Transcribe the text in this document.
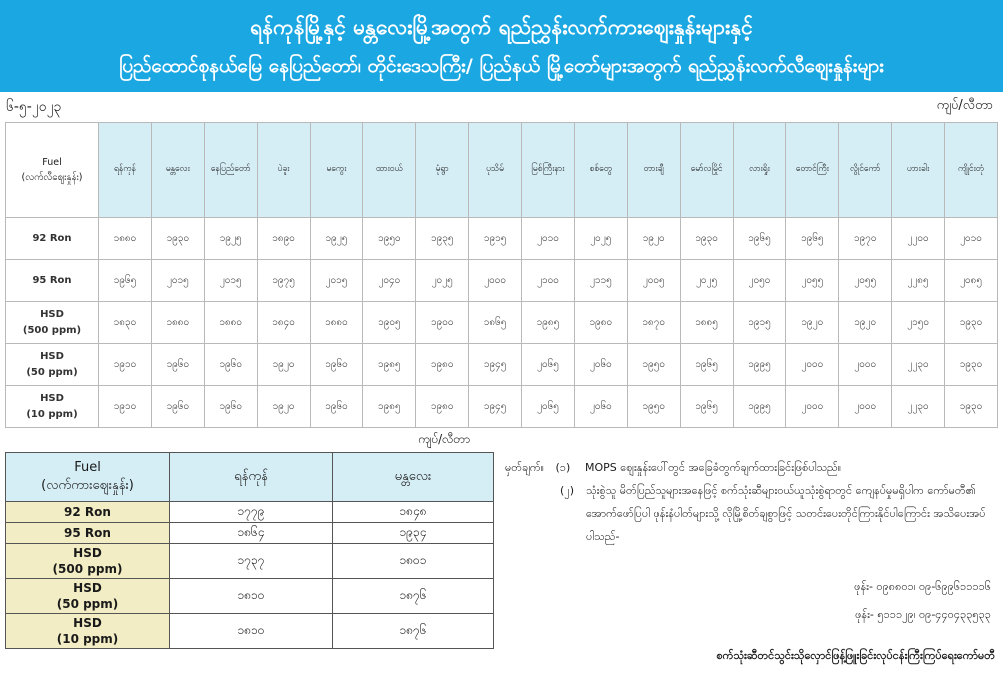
ရန်ကုန်မြို့နှင့် မန္တလေးမြို့အတွက် ရည်ညွှန်းလက်ကားဈေးနှုန်းများနှင့်
ပြည်ထောင်စုနယ်မြေ နေပြည်တော်၊ တိုင်းဒေသကြီး/ ပြည်နယ် မြို့တော်များအတွက် ရည်ညွှန်းလက်လီဈေးနှုန်းများ
၆-၅-၂၀၂၃	ကျပ်/လီတာ
Fuel
(လက်လီဈေးနှုန်း)	ရန်ကုန်	မန္တလေး	နေပြည်တော်	ပဲခူး	မကွေး	ထားဝယ်	မုံရွာ	ပုသိမ်	မြစ်ကြီးနား	စစ်တွေ	တားချီ	မော်လမြိုင်	လားရှိုး	တောင်ကြီး	လွိုင်ကော်	ဟားခါး	ကျိုင်းတုံ
92 Ron	၁၈၈၀	၁၉၃၀	၁၉၂၅	၁၈၉၀	၁၉၂၅	၁၉၅၀	၁၉၃၅	၁၉၁၅	၂၀၁၀	၂၀၂၅	၁၉၂၀	၁၉၃၀	၁၉၆၅	၁၉၆၅	၁၉၇၀	၂၂၀၀	၂၀၁၀
95 Ron	၁၉၆၅	၂၀၁၅	၂၀၁၅	၁၉၇၅	၂၀၁၅	၂၀၄၀	၂၀၂၅	၂၀၀၀	၂၁၀၀	၂၁၁၅	၂၀၀၅	၂၀၂၅	၂၀၅၀	၂၀၅၅	၂၀၅၅	၂၂၈၅	၂၀၈၅
HSD
(500 ppm)	၁၈၃၀	၁၈၈၀	၁၈၈၀	၁၈၄၀	၁၈၈၀	၁၉၀၅	၁၉၀၀	၁၈၆၅	၁၉၈၅	၁၉၈၀	၁၈၇၀	၁၈၈၅	၁၉၁၅	၁၉၂၀	၁၉၂၀	၂၁၅၀	၁၉၃၀
HSD
(50 ppm)	၁၉၁၀	၁၉၆၀	၁၉၆၀	၁၉၂၀	၁၉၆၀	၁၉၈၅	၁၉၈၀	၁၉၄၅	၂၀၆၅	၂၀၆၀	၁၉၅၀	၁၉၆၅	၁၉၉၅	၂၀၀၀	၂၀၀၀	၂၂၃၀	၁၉၃၀
HSD
(10 ppm)	၁၉၁၀	၁၉၆၀	၁၉၆၀	၁၉၂၀	၁၉၆၀	၁၉၈၅	၁၉၈၀	၁၉၄၅	၂၀၆၅	၂၀၆၀	၁၉၅၀	၁၉၆၅	၁၉၉၅	၂၀၀၀	၂၀၀၀	၂၂၃၀	၁၉၃၀
ကျပ်/လီတာ
Fuel
(လက်ကားဈေးနှုန်း)	ရန်ကုန်	မန္တလေး
92 Ron	၁၇၇၉	၁၈၄၈
95 Ron	၁၈၆၄	၁၉၃၄
HSD
(500 ppm)	၁၇၃၇	၁၈၀၁
HSD
(50 ppm)	၁၈၁၀	၁၈၇၆
HSD
(10 ppm)	၁၈၁၀	၁၈၇၆
မှတ်ချက်။ (၁) MOPS ဈေးနှုန်းပေါ်တွင် အခြေခံတွက်ချက်ထားခြင်းဖြစ်ပါသည်။
(၂)	သုံးစွဲသူ မိတ်ပြည်သူများအနေဖြင့် စက်သုံးဆီများဝယ်ယူသုံးစွဲရာတွင် ကျေနပ်မှုမရှိပါက ကော်မတီ၏ အောက်ဖော်ပြပါ ဖုန်းနံပါတ်များသို့ လိုမြို့စိတ်ချစွာဖြင့် သတင်းပေးတိုင်ကြားနိုင်ပါကြောင်း အသိပေးအပ်ပါသည်-
ဖုန်း- ၀၉၈၈၀၁၊ ၀၉-၆၉၉၆၁၁၁၁၆
ဖုန်း- ၅၁၁၁၂၉၊ ၀၉-၄၄၀၄၃၃၅၃၃
စက်သုံးဆီတင်သွင်းသိုလှောင်ဖြန့်ဖြူးခြင်းလုပ်ငန်းကြီးကြပ်ရေးကော်မတီ
